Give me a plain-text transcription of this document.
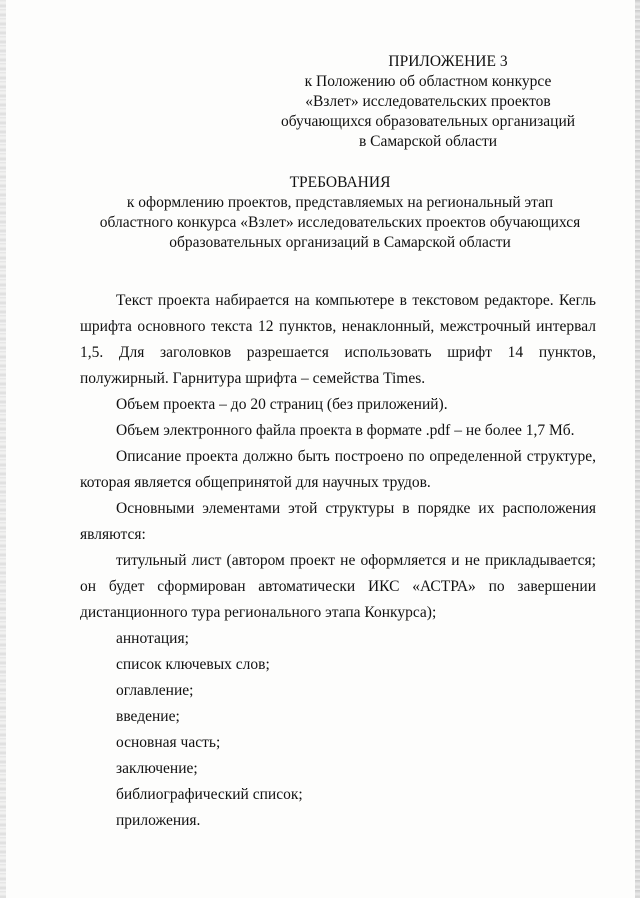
ПРИЛОЖЕНИЕ 3
к Положению об областном конкурсе
«Взлет» исследовательских проектов
обучающихся образовательных организаций
в Самарской области
ТРЕБОВАНИЯ
к оформлению проектов, представляемых на региональный этап
областного конкурса «Взлет» исследовательских проектов обучающихся
образовательных организаций в Самарской области

Текст проекта набирается на компьютере в текстовом редакторе. Кегль шрифта основного текста 12 пунктов, ненаклонный, межстрочный интервал 1,5. Для заголовков разрешается использовать шрифт 14 пунктов, полужирный. Гарнитура шрифта – семейства Times.

Объем проекта – до 20 страниц (без приложений).

Объем электронного файла проекта в формате .pdf – не более 1,7 Мб.

Описание проекта должно быть построено по определенной структуре, которая является общепринятой для научных трудов.

Основными элементами этой структуры в порядке их расположения являются:

титульный лист (автором проект не оформляется и не прикладывается; он будет сформирован автоматически ИКС «АСТРА» по завершении дистанционного тура регионального этапа Конкурса);

аннотация;
список ключевых слов;
оглавление;
введение;
основная часть;
заключение;
библиографический список;
приложения.
